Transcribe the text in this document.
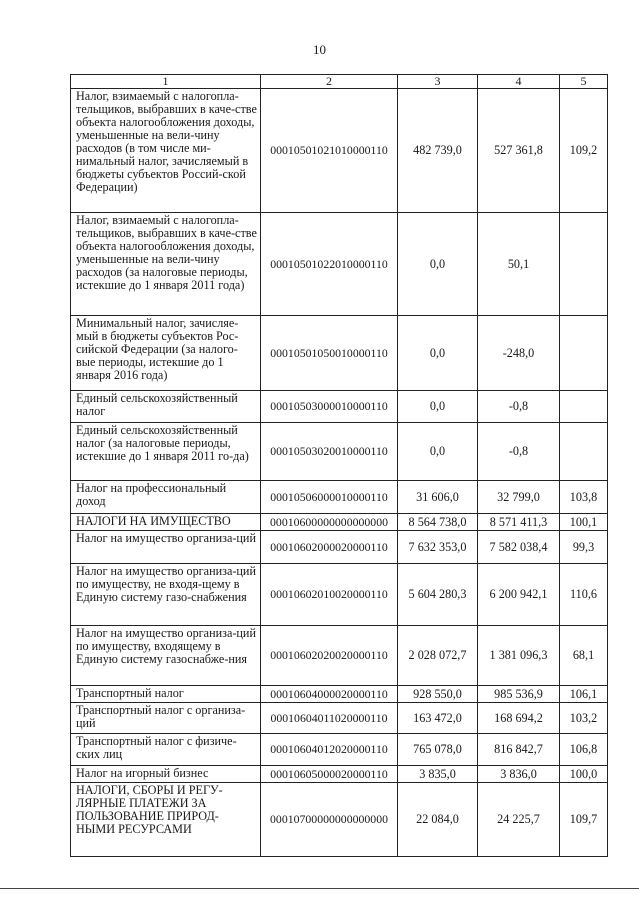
10
1	2	3	4	5
Налог, взимаемый с налогопла-тельщиков, выбравших в каче-стве объекта налогообложения доходы, уменьшенные на вели-чину расходов (в том числе ми-нимальный налог, зачисляемый в бюджеты субъектов Россий-ской Федерации)	00010501021010000110	482 739,0	527 361,8	109,2
Налог, взимаемый с налогопла-тельщиков, выбравших в каче-стве объекта налогообложения доходы, уменьшенные на вели-чину расходов (за налоговые периоды, истекшие до 1 января 2011 года)	00010501022010000110	0,0	50,1	
Минимальный налог, зачисляе-мый в бюджеты субъектов Рос-сийской Федерации (за налого-вые периоды, истекшие до 1 января 2016 года)	00010501050010000110	0,0	-248,0	
Единый сельскохозяйственный налог	00010503000010000110	0,0	-0,8	
Единый сельскохозяйственный налог (за налоговые периоды, истекшие до 1 января 2011 го-да)	00010503020010000110	0,0	-0,8	
Налог на профессиональный доход	00010506000010000110	31 606,0	32 799,0	103,8
НАЛОГИ НА ИМУЩЕСТВО	00010600000000000000	8 564 738,0	8 571 411,3	100,1
Налог на имущество организа-ций	00010602000020000110	7 632 353,0	7 582 038,4	99,3
Налог на имущество организа-ций по имуществу, не входя-щему в Единую систему газо-снабжения	00010602010020000110	5 604 280,3	6 200 942,1	110,6
Налог на имущество организа-ций по имуществу, входящему в Единую систему газоснабже-ния	00010602020020000110	2 028 072,7	1 381 096,3	68,1
Транспортный налог	00010604000020000110	928 550,0	985 536,9	106,1
Транспортный налог с организа-ций	00010604011020000110	163 472,0	168 694,2	103,2
Транспортный налог с физиче-ских лиц	00010604012020000110	765 078,0	816 842,7	106,8
Налог на игорный бизнес	00010605000020000110	3 835,0	3 836,0	100,0
НАЛОГИ, СБОРЫ И РЕГУ-ЛЯРНЫЕ ПЛАТЕЖИ ЗА ПОЛЬЗОВАНИЕ ПРИРОД-НЫМИ РЕСУРСАМИ	00010700000000000000	22 084,0	24 225,7	109,7
